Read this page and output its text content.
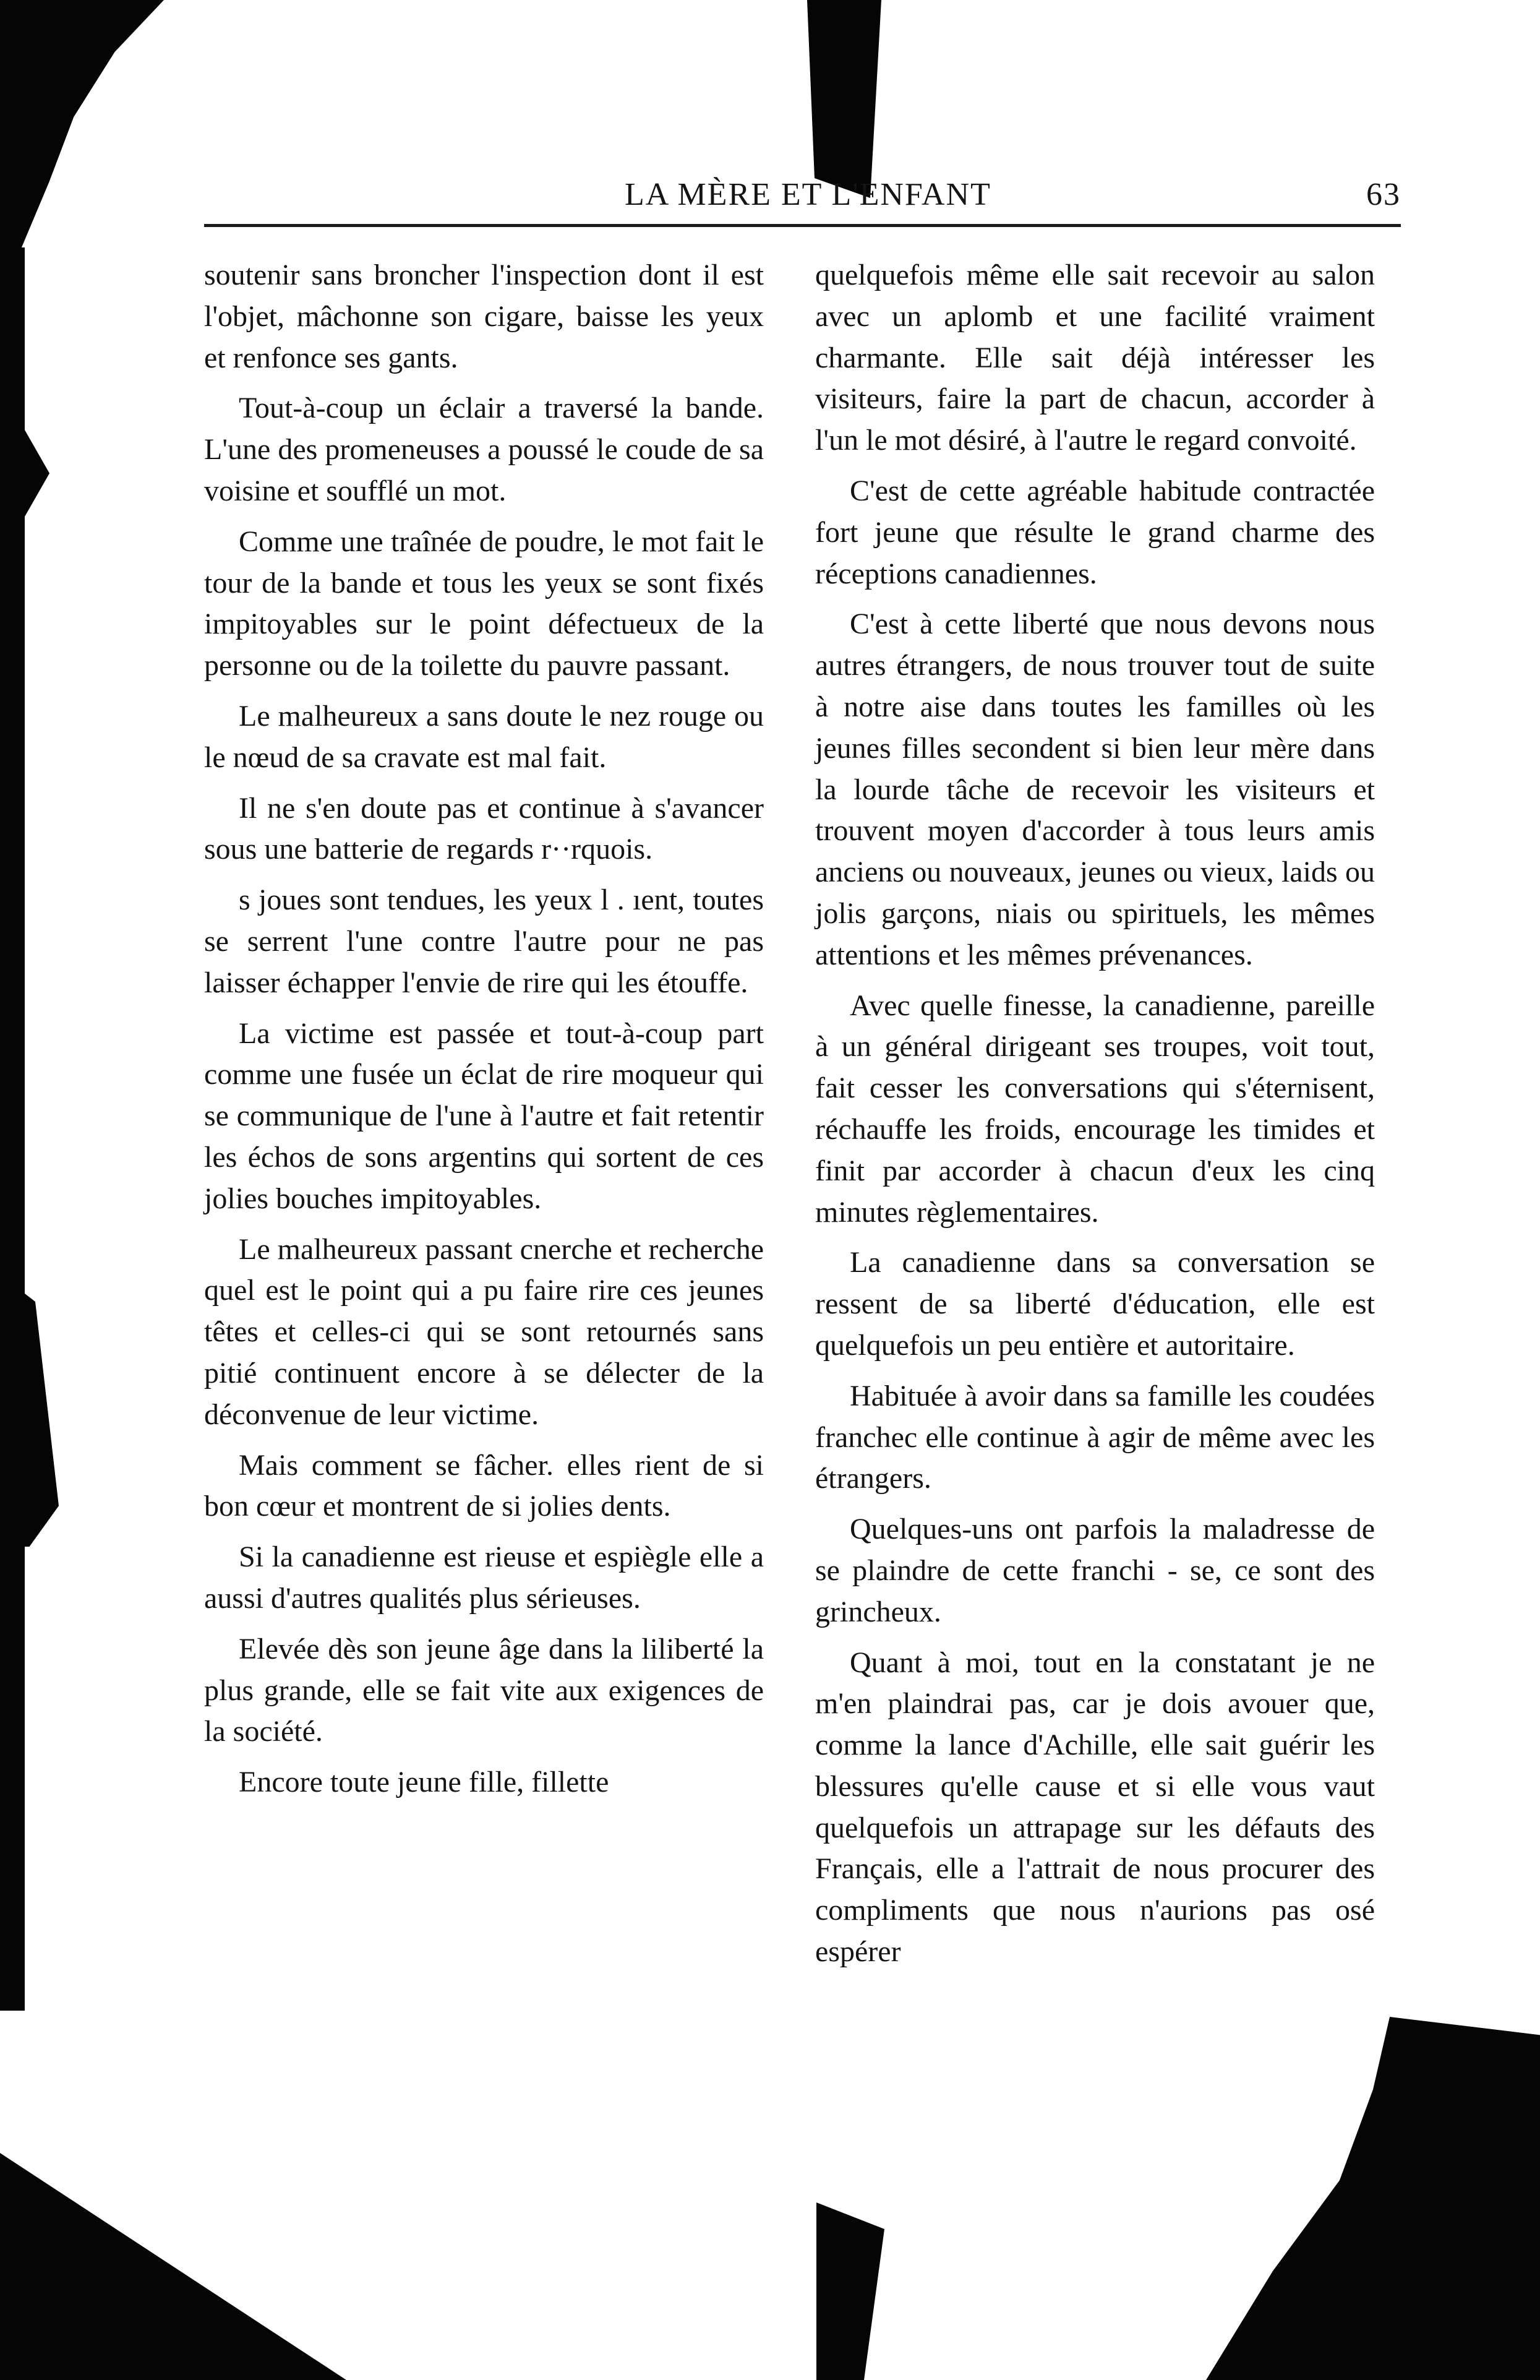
LA MÈRE ET L'ENFANT	63

soutenir sans broncher l'inspection dont il est l'objet, mâchonne son cigare, baisse les yeux et renfonce ses gants.

Tout-à-coup un éclair a traversé la bande. L'une des promeneuses a poussé le coude de sa voisine et soufflé un mot.

Comme une traînée de poudre, le mot fait le tour de la bande et tous les yeux se sont fixés impitoyables sur le point défectueux de la personne ou de la toilette du pauvre passant.

Le malheureux a sans doute le nez rouge ou le nœud de sa cravate est mal fait.

Il ne s'en doute pas et continue à s'avancer sous une batterie de regards r··rquois.

s joues sont tendues, les yeux l . ıent, toutes se serrent l'une contre l'autre pour ne pas laisser échapper l'envie de rire qui les étouffe.

La victime est passée et tout-à-coup part comme une fusée un éclat de rire moqueur qui se communique de l'une à l'autre et fait retentir les échos de sons argentins qui sortent de ces jolies bouches impitoyables.

Le malheureux passant cnerche et recherche quel est le point qui a pu faire rire ces jeunes têtes et celles-ci qui se sont retournés sans pitié continuent encore à se délecter de la déconvenue de leur victime.

Mais comment se fâcher. elles rient de si bon cœur et montrent de si jolies dents.

Si la canadienne est rieuse et espiègle elle a aussi d'autres qualités plus sérieuses.

Elevée dès son jeune âge dans la liliberté la plus grande, elle se fait vite aux exigences de la société.

Encore toute jeune fille, fillette

quelquefois même elle sait recevoir au salon avec un aplomb et une facilité vraiment charmante. Elle sait déjà intéresser les visiteurs, faire la part de chacun, accorder à l'un le mot désiré, à l'autre le regard convoité.

C'est de cette agréable habitude contractée fort jeune que résulte le grand charme des réceptions canadiennes.

C'est à cette liberté que nous devons nous autres étrangers, de nous trouver tout de suite à notre aise dans toutes les familles où les jeunes filles secondent si bien leur mère dans la lourde tâche de recevoir les visiteurs et trouvent moyen d'accorder à tous leurs amis anciens ou nouveaux, jeunes ou vieux, laids ou jolis garçons, niais ou spirituels, les mêmes attentions et les mêmes prévenances.

Avec quelle finesse, la canadienne, pareille à un général dirigeant ses troupes, voit tout, fait cesser les conversations qui s'éternisent, réchauffe les froids, encourage les timides et finit par accorder à chacun d'eux les cinq minutes règlementaires.

La canadienne dans sa conversation se ressent de sa liberté d'éducation, elle est quelquefois un peu entière et autoritaire.

Habituée à avoir dans sa famille les coudées franchec elle continue à agir de même avec les étrangers.

Quelques-uns ont parfois la maladresse de se plaindre de cette franchi - se, ce sont des grincheux.

Quant à moi, tout en la constatant je ne m'en plaindrai pas, car je dois avouer que, comme la lance d'Achille, elle sait guérir les blessures qu'elle cause et si elle vous vaut quelquefois un attrapage sur les défauts des Français, elle a l'attrait de nous procurer des compliments que nous n'aurions pas osé espérer
